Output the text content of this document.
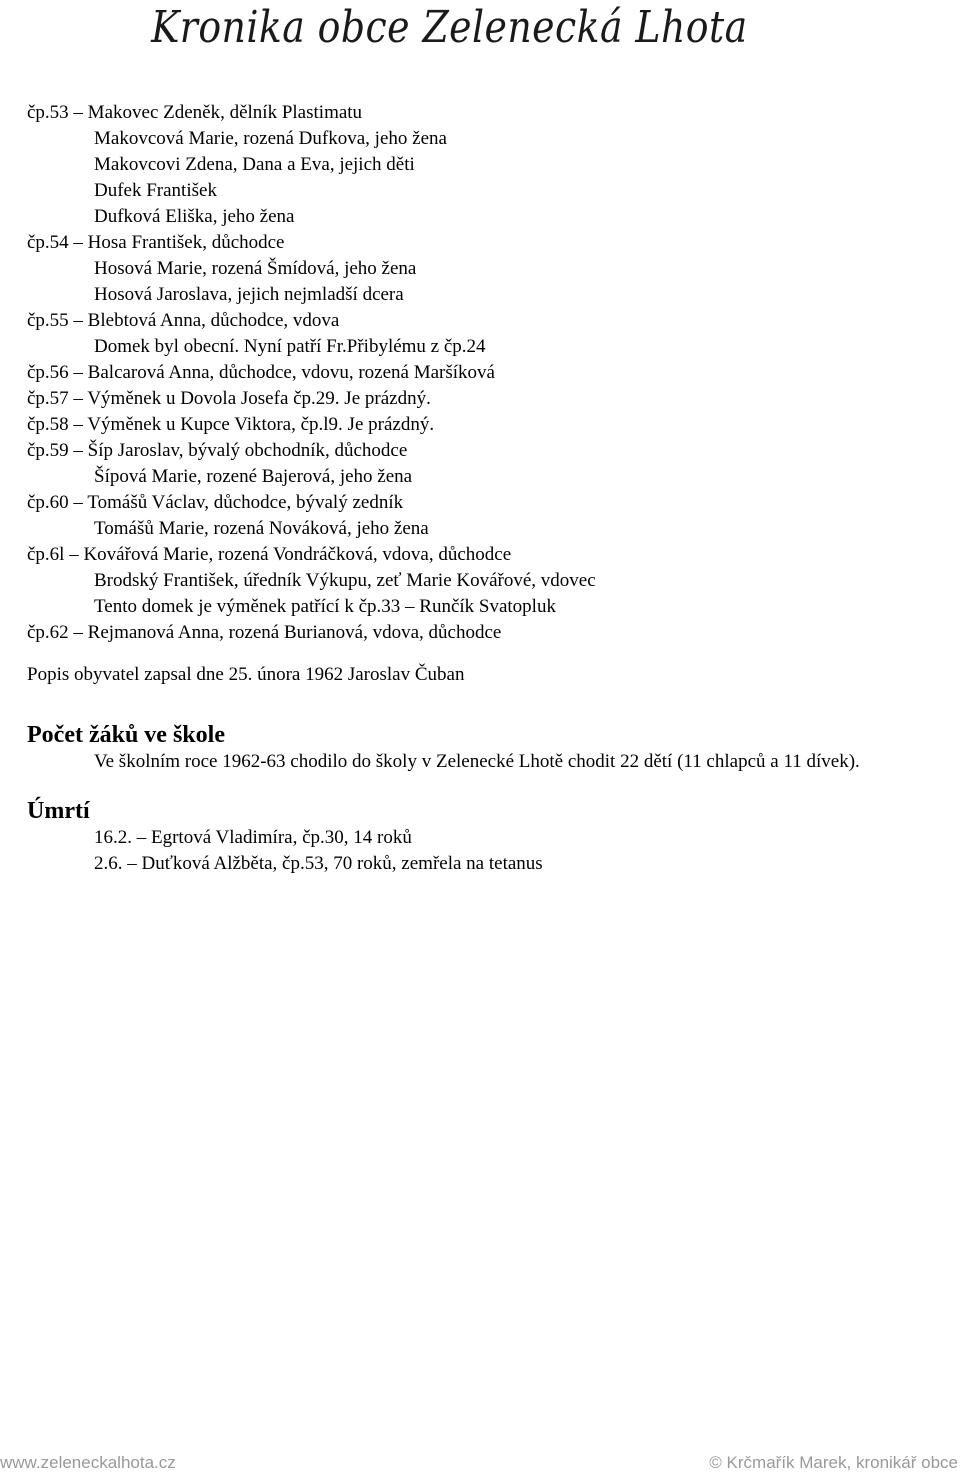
Kronika obce Zelenecká Lhota
čp.53 – Makovec Zdeněk, dělník Plastimatu
Makovcová Marie, rozená Dufkova, jeho žena
Makovcovi Zdena, Dana a Eva, jejich děti
Dufek František
Dufková Eliška, jeho žena
čp.54 – Hosa František, důchodce
Hosová Marie, rozená Šmídová, jeho žena
Hosová Jaroslava, jejich nejmladší dcera
čp.55 – Blebtová Anna, důchodce, vdova
Domek byl obecní. Nyní patří Fr.Přibylému z čp.24
čp.56 – Balcarová Anna, důchodce, vdovu, rozená Maršíková
čp.57 – Výměnek u Dovola Josefa čp.29. Je prázdný.
čp.58 – Výměnek u Kupce Viktora, čp.l9. Je prázdný.
čp.59 – Šíp Jaroslav, bývalý obchodník, důchodce
Šípová Marie, rozené Bajerová, jeho žena
čp.60 – Tomášů Václav, důchodce, bývalý zedník
Tomášů Marie, rozená Nováková, jeho žena
čp.6l – Kovářová Marie, rozená Vondráčková, vdova, důchodce
Brodský František, úředník Výkupu, zeť Marie Kovářové, vdovec
Tento domek je výměnek patřící k čp.33 – Runčík Svatopluk
čp.62 – Rejmanová Anna, rozená Burianová, vdova, důchodce
Popis obyvatel zapsal dne 25. února 1962 Jaroslav Čuban
Počet žáků ve škole
Ve školním roce 1962-63 chodilo do školy v Zelenecké Lhotě chodit 22 dětí (11 chlapců a 11 dívek).
Úmrtí
16.2. – Egrtová Vladimíra, čp.30, 14 roků
2.6. – Duťková Alžběta, čp.53, 70 roků, zemřela na tetanus
www.zeleneckalhota.cz	© Krčmařík Marek, kronikář obce
